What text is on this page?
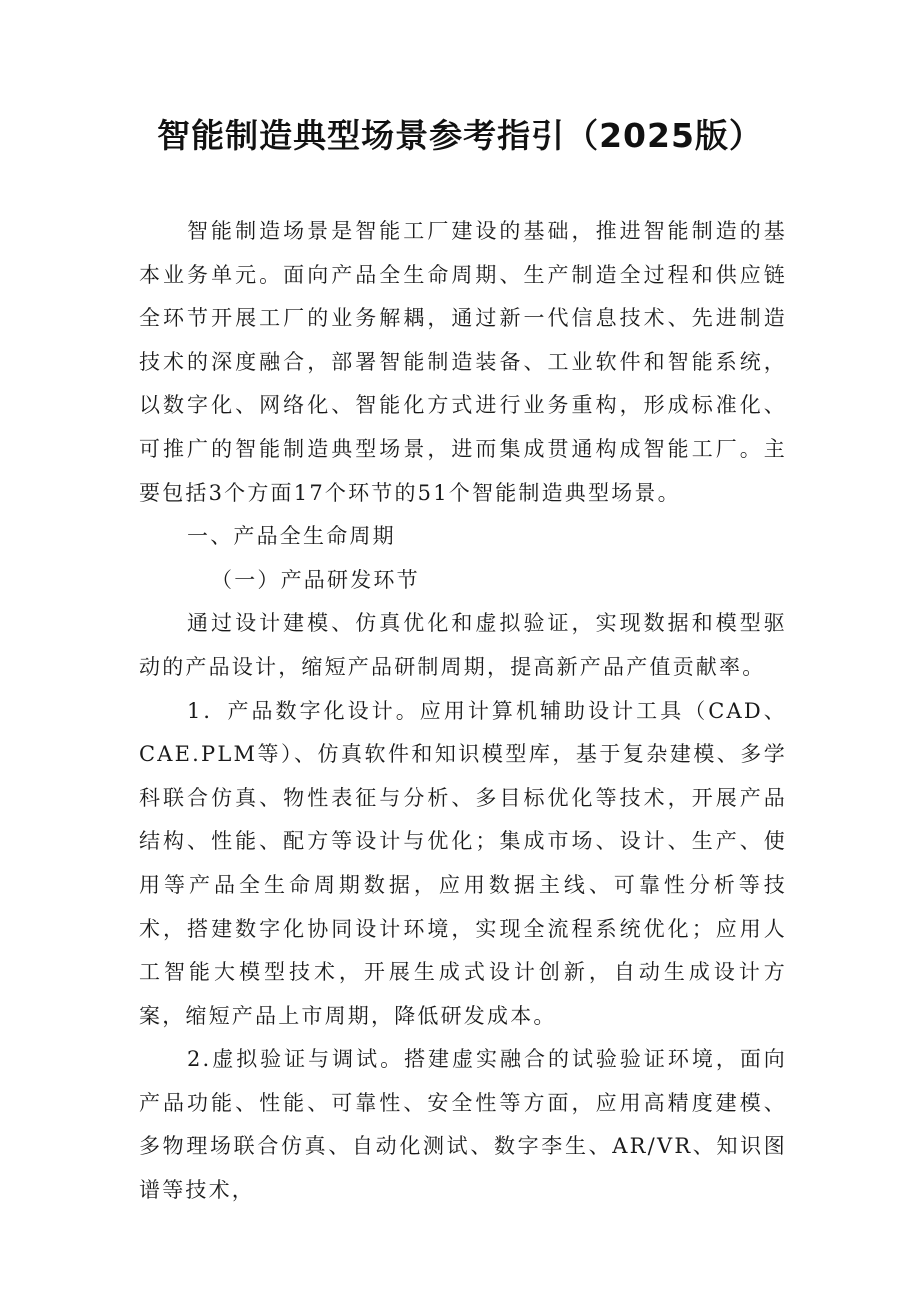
智能制造典型场景参考指引（2025版）

智能制造场景是智能工厂建设的基础，推进智能制造的基本业务单元。面向产品全生命周期、生产制造全过程和供应链全环节开展工厂的业务解耦，通过新一代信息技术、先进制造技术的深度融合，部署智能制造装备、工业软件和智能系统，以数字化、网络化、智能化方式进行业务重构，形成标准化、可推广的智能制造典型场景，进而集成贯通构成智能工厂。主要包括3个方面17个环节的51个智能制造典型场景。

一、产品全生命周期

（一）产品研发环节

通过设计建模、仿真优化和虚拟验证，实现数据和模型驱动的产品设计，缩短产品研制周期，提高新产品产值贡献率。

1．产品数字化设计。应用计算机辅助设计工具（CAD、CAE.PLM等）、仿真软件和知识模型库，基于复杂建模、多学科联合仿真、物性表征与分析、多目标优化等技术，开展产品结构、性能、配方等设计与优化；集成市场、设计、生产、使用等产品全生命周期数据，应用数据主线、可靠性分析等技术，搭建数字化协同设计环境，实现全流程系统优化；应用人工智能大模型技术，开展生成式设计创新，自动生成设计方案，缩短产品上市周期，降低研发成本。

2.虚拟验证与调试。搭建虚实融合的试验验证环境，面向产品功能、性能、可靠性、安全性等方面，应用高精度建模、多物理场联合仿真、自动化测试、数字李生、AR/VR、知识图谱等技术，
